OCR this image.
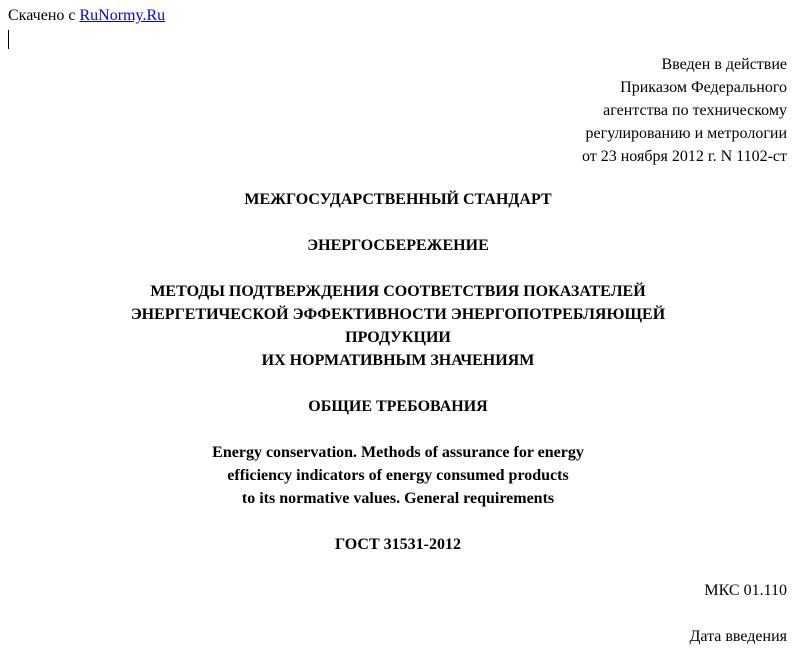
Скачено с RuNormy.Ru
Введен в действие
Приказом Федерального
агентства по техническому
регулированию и метрологии
от 23 ноября 2012 г. N 1102-ст
МЕЖГОСУДАРСТВЕННЫЙ СТАНДАРТ
ЭНЕРГОСБЕРЕЖЕНИЕ
МЕТОДЫ ПОДТВЕРЖДЕНИЯ СООТВЕТСТВИЯ ПОКАЗАТЕЛЕЙ
ЭНЕРГЕТИЧЕСКОЙ ЭФФЕКТИВНОСТИ ЭНЕРГОПОТРЕБЛЯЮЩЕЙ
ПРОДУКЦИИ
ИХ НОРМАТИВНЫМ ЗНАЧЕНИЯМ
ОБЩИЕ ТРЕБОВАНИЯ
Energy conservation. Methods of assurance for energy
efficiency indicators of energy consumed products
to its normative values. General requirements
ГОСТ 31531-2012
МКС 01.110
Дата введения
